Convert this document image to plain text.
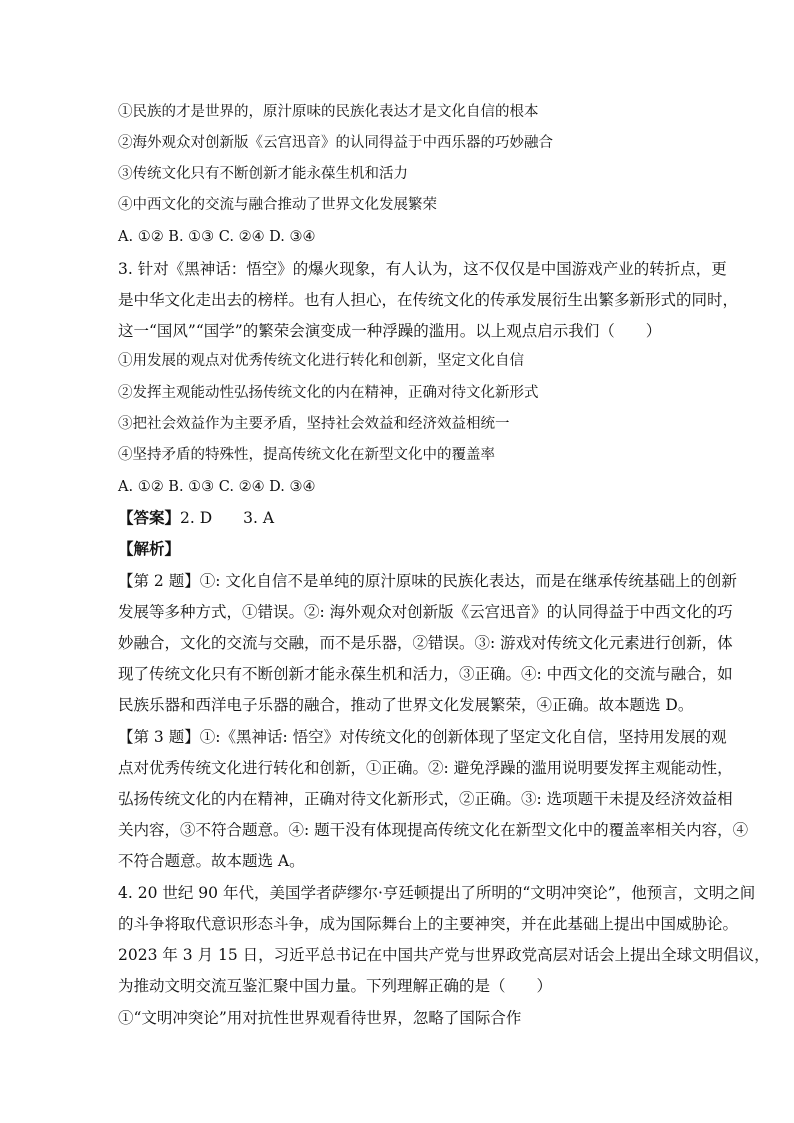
①民族的才是世界的，原汁原味的民族化表达才是文化自信的根本
②海外观众对创新版《云宫迅音》的认同得益于中西乐器的巧妙融合
③传统文化只有不断创新才能永葆生机和活力
④中西文化的交流与融合推动了世界文化发展繁荣
A. ①② B. ①③ C. ②④ D. ③④
3. 针对《黑神话：悟空》的爆火现象，有人认为，这不仅仅是中国游戏产业的转折点，更
是中华文化走出去的榜样。也有人担心，在传统文化的传承发展衍生出繁多新形式的同时，
这一“国风”“国学”的繁荣会演变成一种浮躁的滥用。以上观点启示我们（　　）
①用发展的观点对优秀传统文化进行转化和创新，坚定文化自信
②发挥主观能动性弘扬传统文化的内在精神，正确对待文化新形式
③把社会效益作为主要矛盾，坚持社会效益和经济效益相统一
④坚持矛盾的特殊性，提高传统文化在新型文化中的覆盖率
A. ①② B. ①③ C. ②④ D. ③④
【答案】2. D　　3. A
【解析】
【第 2 题】①: 文化自信不是单纯的原汁原味的民族化表达，而是在继承传统基础上的创新
发展等多种方式，①错误。②: 海外观众对创新版《云宫迅音》的认同得益于中西文化的巧
妙融合，文化的交流与交融，而不是乐器，②错误。③: 游戏对传统文化元素进行创新，体
现了传统文化只有不断创新才能永葆生机和活力，③正确。④: 中西文化的交流与融合，如
民族乐器和西洋电子乐器的融合，推动了世界文化发展繁荣，④正确。故本题选 D。
【第 3 题】①:《黑神话: 悟空》对传统文化的创新体现了坚定文化自信，坚持用发展的观
点对优秀传统文化进行转化和创新，①正确。②: 避免浮躁的滥用说明要发挥主观能动性，
弘扬传统文化的内在精神，正确对待文化新形式，②正确。③: 选项题干未提及经济效益相
关内容，③不符合题意。④: 题干没有体现提高传统文化在新型文化中的覆盖率相关内容，④
不符合题意。故本题选 A。
4. 20 世纪 90 年代，美国学者萨缪尔·亨廷顿提出了所明的“文明冲突论”，他预言，文明之间
的斗争将取代意识形态斗争，成为国际舞台上的主要神突，并在此基础上提出中国威胁论。
2023 年 3 月 15 日，习近平总书记在中国共产党与世界政党高层对话会上提出全球文明倡议，
为推动文明交流互鉴汇聚中国力量。下列理解正确的是（　　）
①“文明冲突论”用对抗性世界观看待世界，忽略了国际合作
